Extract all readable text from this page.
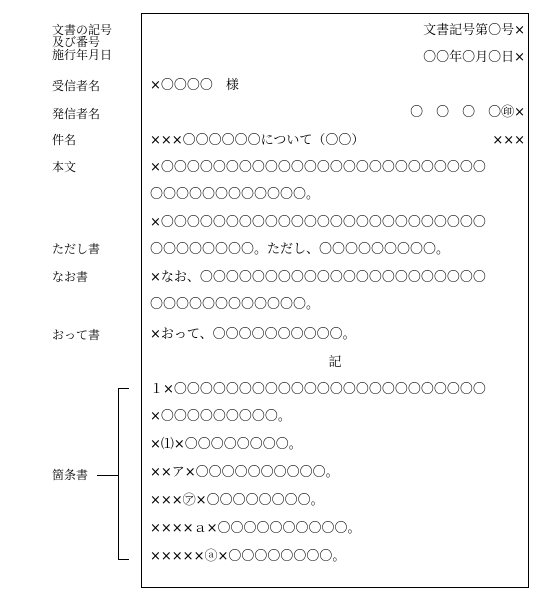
文書の記号
及び番号
施行年月日
受信者名
発信者名
件名
本文
ただし書
なお書
おって書
箇条書
文書記号第〇号×
〇〇年〇月〇日×
×〇〇〇〇　様
〇　〇　〇　〇㊞×
×××〇〇〇〇〇〇について（〇〇）	×××
×〇〇〇〇〇〇〇〇〇〇〇〇〇〇〇〇〇〇〇〇〇〇〇〇〇
〇〇〇〇〇〇〇〇〇〇〇〇。
×〇〇〇〇〇〇〇〇〇〇〇〇〇〇〇〇〇〇〇〇〇〇〇〇〇
〇〇〇〇〇〇〇〇。ただし、〇〇〇〇〇〇〇〇〇。
×なお、〇〇〇〇〇〇〇〇〇〇〇〇〇〇〇〇〇〇〇〇〇〇
〇〇〇〇〇〇〇〇〇〇〇〇。
×おって、〇〇〇〇〇〇〇〇〇〇。
記
１×〇〇〇〇〇〇〇〇〇〇〇〇〇〇〇〇〇〇〇〇〇〇〇〇
×〇〇〇〇〇〇〇〇〇。
×⑴×〇〇〇〇〇〇〇〇。
××ア×〇〇〇〇〇〇〇〇〇〇。
×××㋐×〇〇〇〇〇〇〇〇。
××××ａ×〇〇〇〇〇〇〇〇〇〇。
×××××ⓐ×〇〇〇〇〇〇〇〇。
